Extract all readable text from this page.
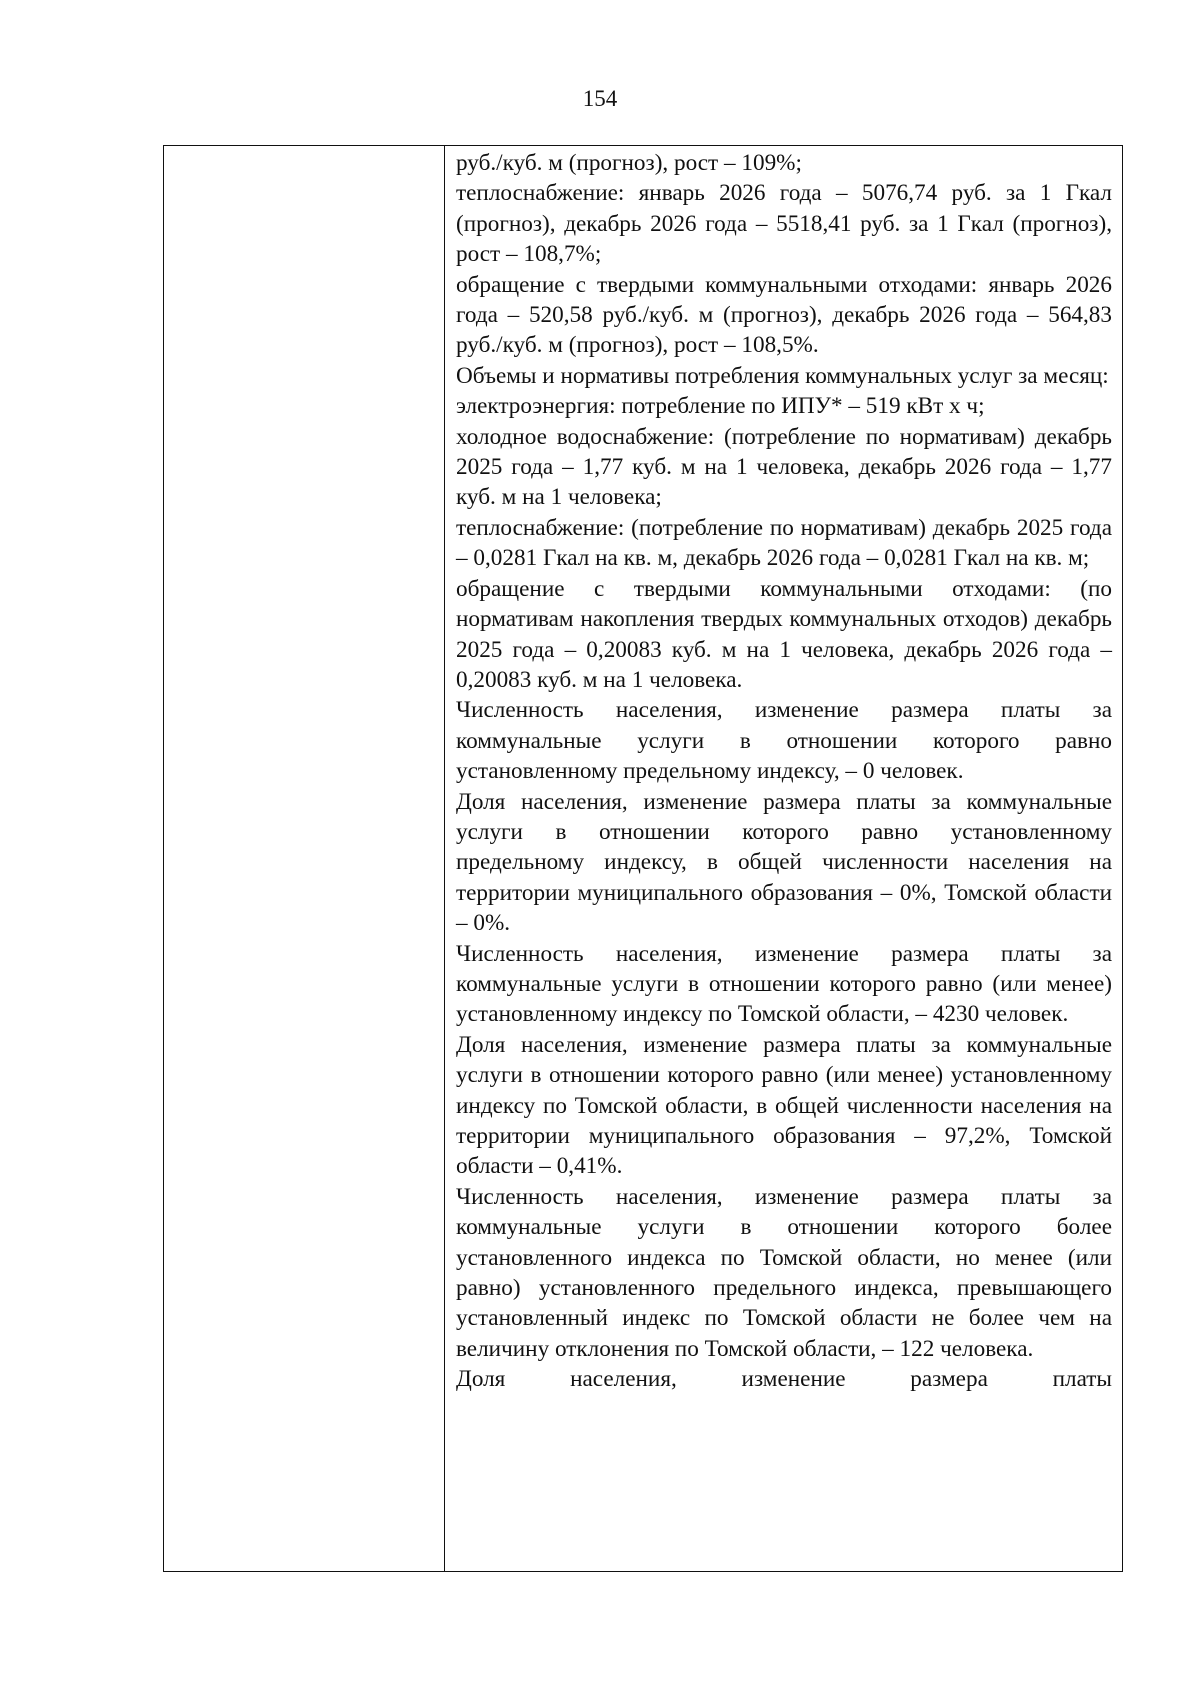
154

руб./куб. м (прогноз), рост – 109%;

теплоснабжение: январь 2026 года – 5076,74 руб. за 1 Гкал (прогноз), декабрь 2026 года – 5518,41 руб. за 1 Гкал (прогноз), рост – 108,7%;

обращение с твердыми коммунальными отходами: январь 2026 года – 520,58 руб./куб. м (прогноз), декабрь 2026 года – 564,83 руб./куб. м (прогноз), рост – 108,5%.

Объемы и нормативы потребления коммунальных услуг за месяц:

электроэнергия: потребление по ИПУ* – 519 кВт х ч;

холодное водоснабжение: (потребление по нормативам) декабрь 2025 года – 1,77 куб. м на 1 человека, декабрь 2026 года – 1,77 куб. м на 1 человека;

теплоснабжение: (потребление по нормативам) декабрь 2025 года – 0,0281 Гкал на кв. м, декабрь 2026 года – 0,0281 Гкал на кв. м;

обращение с твердыми коммунальными отходами: (по нормативам накопления твердых коммунальных отходов) декабрь 2025 года – 0,20083 куб. м на 1 человека, декабрь 2026 года – 0,20083 куб. м на 1 человека.

Численность населения, изменение размера платы за коммунальные услуги в отношении которого равно установленному предельному индексу, – 0 человек.

Доля населения, изменение размера платы за коммунальные услуги в отношении которого равно установленному предельному индексу, в общей численности населения на территории муниципального образования – 0%, Томской области – 0%.

Численность населения, изменение размера платы за коммунальные услуги в отношении которого равно (или менее) установленному индексу по Томской области, – 4230 человек.

Доля населения, изменение размера платы за коммунальные услуги в отношении которого равно (или менее) установленному индексу по Томской области, в общей численности населения на территории муниципального образования – 97,2%, Томской области – 0,41%.

Численность населения, изменение размера платы за коммунальные услуги в отношении которого более установленного индекса по Томской области, но менее (или равно) установленного предельного индекса, превышающего установленный индекс по Томской области не более чем на величину отклонения по Томской области, – 122 человека.

Доля населения, изменение размера платы
